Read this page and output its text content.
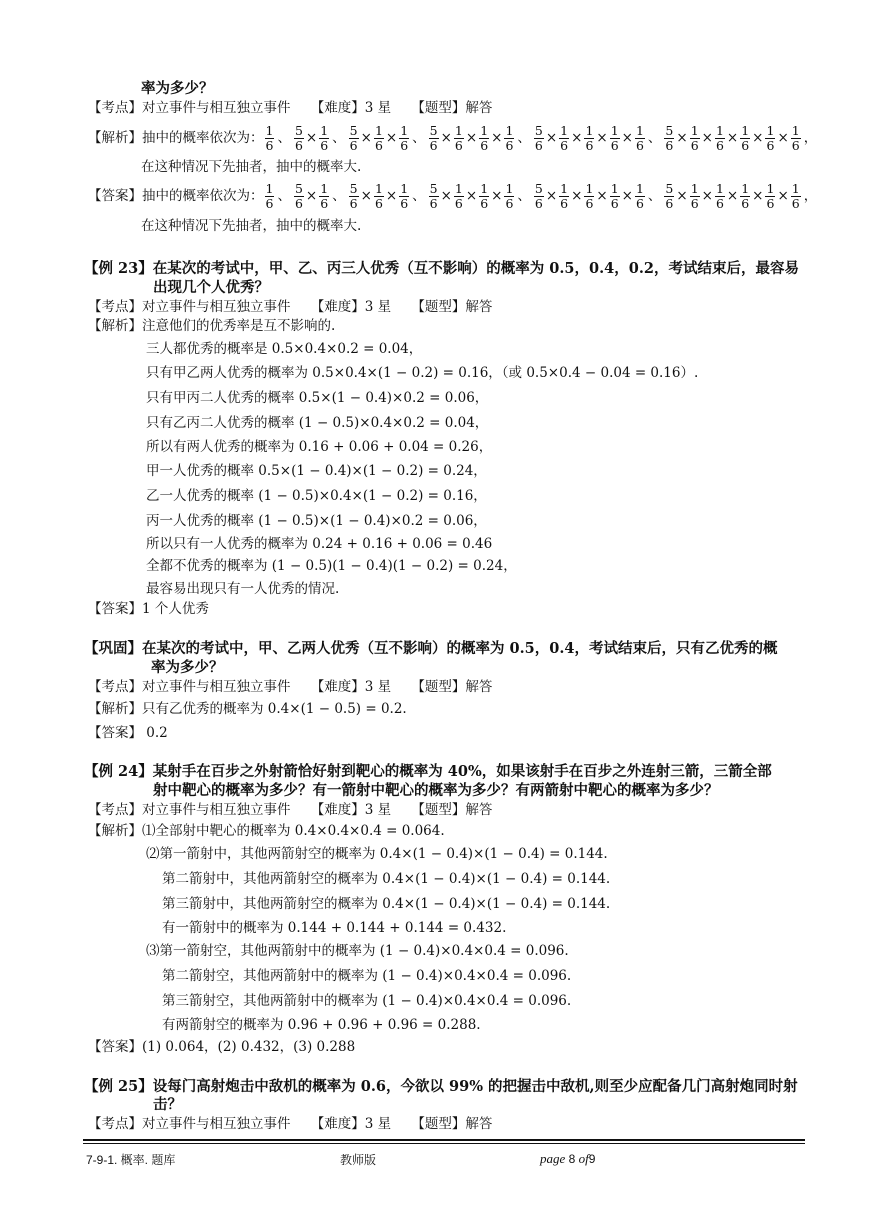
率为多少？
【考点】对立事件与相互独立事件　　【难度】3 星　　【题型】解答
【解析】抽中的概率依次为： $\frac{1}{6}$ 、 $\frac{5}{6} \times \frac{1}{6}$ 、 $\frac{5}{6} \times \frac{1}{6} \times \frac{1}{6}$ 、 $\frac{5}{6} \times \frac{1}{6} \times \frac{1}{6} \times \frac{1}{6}$ 、 $\frac{5}{6} \times \frac{1}{6} \times \frac{1}{6} \times \frac{1}{6} \times \frac{1}{6}$ 、 $\frac{5}{6} \times \frac{1}{6} \times \frac{1}{6} \times \frac{1}{6} \times \frac{1}{6} \times \frac{1}{6}$ ，
在这种情况下先抽者，抽中的概率大.
【答案】抽中的概率依次为： $\frac{1}{6}$ 、 $\frac{5}{6} \times \frac{1}{6}$ 、 $\frac{5}{6} \times \frac{1}{6} \times \frac{1}{6}$ 、 $\frac{5}{6} \times \frac{1}{6} \times \frac{1}{6} \times \frac{1}{6}$ 、 $\frac{5}{6} \times \frac{1}{6} \times \frac{1}{6} \times \frac{1}{6} \times \frac{1}{6}$ 、 $\frac{5}{6} \times \frac{1}{6} \times \frac{1}{6} \times \frac{1}{6} \times \frac{1}{6} \times \frac{1}{6}$ ，
在这种情况下先抽者，抽中的概率大.
【例 23】在某次的考试中，甲、乙、丙三人优秀（互不影响）的概率为 0.5，0.4，0.2，考试结束后，最容易
出现几个人优秀？
【考点】对立事件与相互独立事件　　【难度】3 星　　【题型】解答
【解析】注意他们的优秀率是互不影响的.
三人都优秀的概率是 0.5×0.4×0.2 = 0.04，
只有甲乙两人优秀的概率为 0.5×0.4×(1 − 0.2) = 0.16，（或 0.5×0.4 − 0.04 = 0.16）.
只有甲丙二人优秀的概率 0.5×(1 − 0.4)×0.2 = 0.06，
只有乙丙二人优秀的概率 (1 − 0.5)×0.4×0.2 = 0.04，
所以有两人优秀的概率为 0.16 + 0.06 + 0.04 = 0.26，
甲一人优秀的概率 0.5×(1 − 0.4)×(1 − 0.2) = 0.24，
乙一人优秀的概率 (1 − 0.5)×0.4×(1 − 0.2) = 0.16，
丙一人优秀的概率 (1 − 0.5)×(1 − 0.4)×0.2 = 0.06，
所以只有一人优秀的概率为 0.24 + 0.16 + 0.06 = 0.46
全都不优秀的概率为 (1 − 0.5)(1 − 0.4)(1 − 0.2) = 0.24，
最容易出现只有一人优秀的情况.
【答案】1 个人优秀
【巩固】在某次的考试中，甲、乙两人优秀（互不影响）的概率为 0.5，0.4，考试结束后，只有乙优秀的概
率为多少？
【考点】对立事件与相互独立事件　　【难度】3 星　　【题型】解答
【解析】只有乙优秀的概率为 0.4×(1 − 0.5) = 0.2.
【答案】 0.2
【例 24】某射手在百步之外射箭恰好射到靶心的概率为 40%，如果该射手在百步之外连射三箭，三箭全部
射中靶心的概率为多少？有一箭射中靶心的概率为多少？有两箭射中靶心的概率为多少？
【考点】对立事件与相互独立事件　　【难度】3 星　　【题型】解答
【解析】⑴全部射中靶心的概率为 0.4×0.4×0.4 = 0.064.
⑵第一箭射中，其他两箭射空的概率为 0.4×(1 − 0.4)×(1 − 0.4) = 0.144.
第二箭射中，其他两箭射空的概率为 0.4×(1 − 0.4)×(1 − 0.4) = 0.144.
第三箭射中，其他两箭射空的概率为 0.4×(1 − 0.4)×(1 − 0.4) = 0.144.
有一箭射中的概率为 0.144 + 0.144 + 0.144 = 0.432.
⑶第一箭射空，其他两箭射中的概率为 (1 − 0.4)×0.4×0.4 = 0.096.
第二箭射空，其他两箭射中的概率为 (1 − 0.4)×0.4×0.4 = 0.096.
第三箭射空，其他两箭射中的概率为 (1 − 0.4)×0.4×0.4 = 0.096.
有两箭射空的概率为 0.96 + 0.96 + 0.96 = 0.288.
【答案】(1) 0.064，(2) 0.432，(3) 0.288
【例 25】设每门高射炮击中敌机的概率为 0.6，今欲以 99% 的把握击中敌机,则至少应配备几门高射炮同时射
击？
【考点】对立事件与相互独立事件　　【难度】3 星　　【题型】解答
7-9-1. 概率. 题库	教师版	page 8 of9
